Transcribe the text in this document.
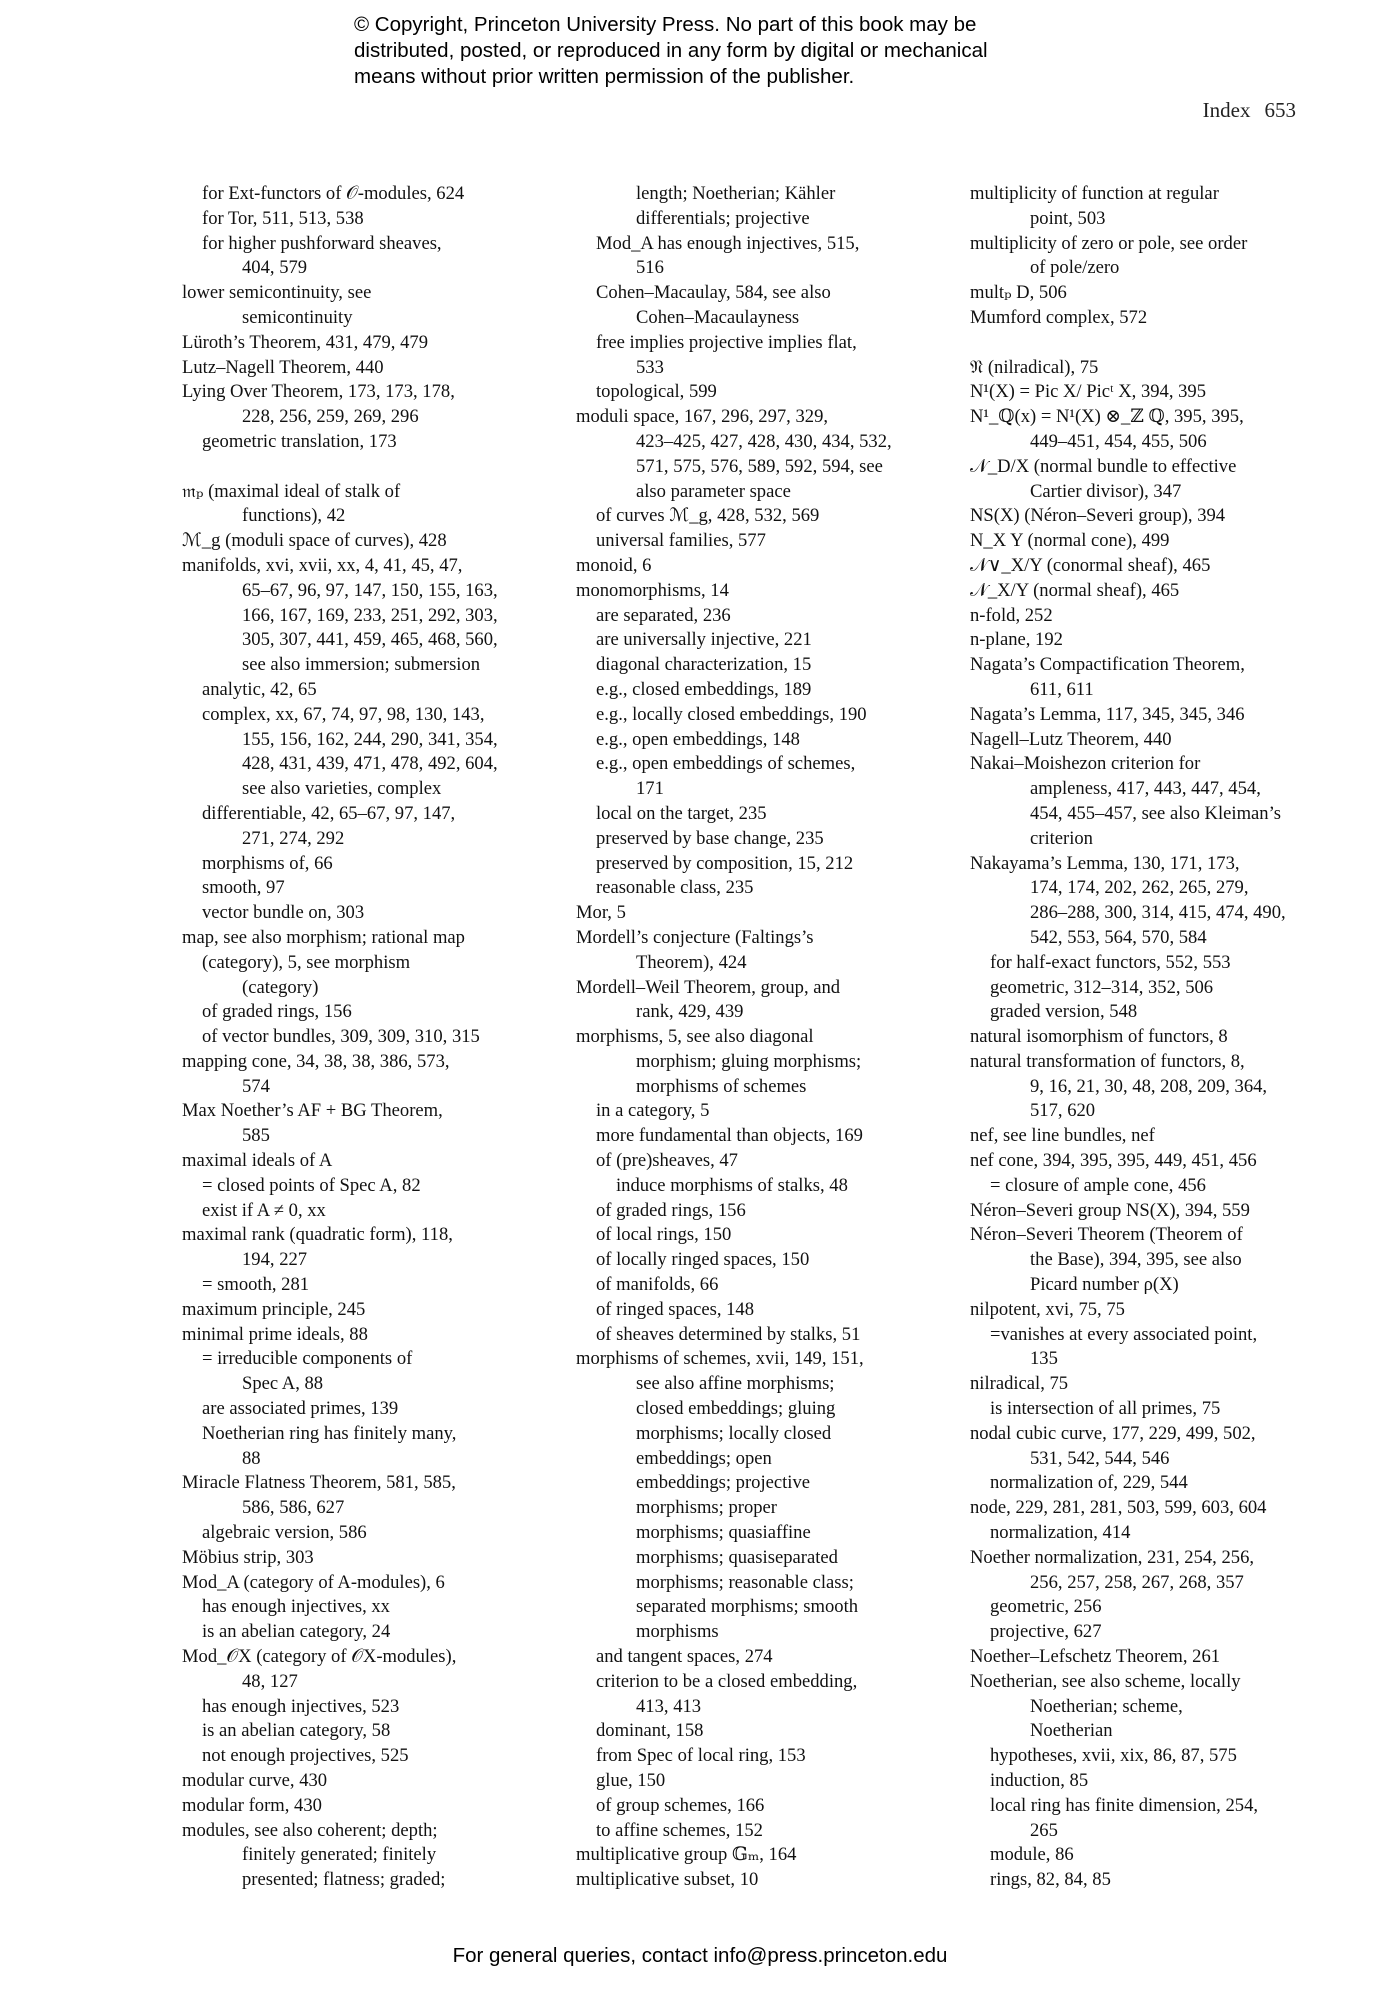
© Copyright, Princeton University Press. No part of this book may be
distributed, posted, or reproduced in any form by digital or mechanical
means without prior written permission of the publisher.
Index 653
for Ext-functors of 𝒪-modules, 624
for Tor, 511, 513, 538
for higher pushforward sheaves,
404, 579
lower semicontinuity, see
semicontinuity
Lüroth’s Theorem, 431, 479, 479
Lutz–Nagell Theorem, 440
Lying Over Theorem, 173, 173, 178,
228, 256, 259, 269, 296
geometric translation, 173
𝔪ₚ (maximal ideal of stalk of
functions), 42
ℳ_g (moduli space of curves), 428
manifolds, xvi, xvii, xx, 4, 41, 45, 47,
65–67, 96, 97, 147, 150, 155, 163,
166, 167, 169, 233, 251, 292, 303,
305, 307, 441, 459, 465, 468, 560,
see also immersion; submersion
analytic, 42, 65
complex, xx, 67, 74, 97, 98, 130, 143,
155, 156, 162, 244, 290, 341, 354,
428, 431, 439, 471, 478, 492, 604,
see also varieties, complex
differentiable, 42, 65–67, 97, 147,
271, 274, 292
morphisms of, 66
smooth, 97
vector bundle on, 303
map, see also morphism; rational map
(category), 5, see morphism
(category)
of graded rings, 156
of vector bundles, 309, 309, 310, 315
mapping cone, 34, 38, 38, 386, 573,
574
Max Noether’s AF + BG Theorem,
585
maximal ideals of A
= closed points of Spec A, 82
exist if A ≠ 0, xx
maximal rank (quadratic form), 118,
194, 227
= smooth, 281
maximum principle, 245
minimal prime ideals, 88
= irreducible components of
Spec A, 88
are associated primes, 139
Noetherian ring has finitely many,
88
Miracle Flatness Theorem, 581, 585,
586, 586, 627
algebraic version, 586
Möbius strip, 303
Mod_A (category of A-modules), 6
has enough injectives, xx
is an abelian category, 24
Mod_𝒪X (category of 𝒪X-modules),
48, 127
has enough injectives, 523
is an abelian category, 58
not enough projectives, 525
modular curve, 430
modular form, 430
modules, see also coherent; depth;
finitely generated; finitely
presented; flatness; graded;
length; Noetherian; Kähler
differentials; projective
Mod_A has enough injectives, 515,
516
Cohen–Macaulay, 584, see also
Cohen–Macaulayness
free implies projective implies flat,
533
topological, 599
moduli space, 167, 296, 297, 329,
423–425, 427, 428, 430, 434, 532,
571, 575, 576, 589, 592, 594, see
also parameter space
of curves ℳ_g, 428, 532, 569
universal families, 577
monoid, 6
monomorphisms, 14
are separated, 236
are universally injective, 221
diagonal characterization, 15
e.g., closed embeddings, 189
e.g., locally closed embeddings, 190
e.g., open embeddings, 148
e.g., open embeddings of schemes,
171
local on the target, 235
preserved by base change, 235
preserved by composition, 15, 212
reasonable class, 235
Mor, 5
Mordell’s conjecture (Faltings’s
Theorem), 424
Mordell–Weil Theorem, group, and
rank, 429, 439
morphisms, 5, see also diagonal
morphism; gluing morphisms;
morphisms of schemes
in a category, 5
more fundamental than objects, 169
of (pre)sheaves, 47
induce morphisms of stalks, 48
of graded rings, 156
of local rings, 150
of locally ringed spaces, 150
of manifolds, 66
of ringed spaces, 148
of sheaves determined by stalks, 51
morphisms of schemes, xvii, 149, 151,
see also affine morphisms;
closed embeddings; gluing
morphisms; locally closed
embeddings; open
embeddings; projective
morphisms; proper
morphisms; quasiaffine
morphisms; quasiseparated
morphisms; reasonable class;
separated morphisms; smooth
morphisms
and tangent spaces, 274
criterion to be a closed embedding,
413, 413
dominant, 158
from Spec of local ring, 153
glue, 150
of group schemes, 166
to affine schemes, 152
multiplicative group 𝔾ₘ, 164
multiplicative subset, 10
multiplicity of function at regular
point, 503
multiplicity of zero or pole, see order
of pole/zero
multₚ D, 506
Mumford complex, 572
𝔑 (nilradical), 75
N¹(X) = Pic X/ Picᵗ X, 394, 395
N¹_ℚ(x) = N¹(X) ⊗_ℤ ℚ, 395, 395,
449–451, 454, 455, 506
𝒩_D/X (normal bundle to effective
Cartier divisor), 347
NS(X) (Néron–Severi group), 394
N_X Y (normal cone), 499
𝒩∨_X/Y (conormal sheaf), 465
𝒩_X/Y (normal sheaf), 465
n-fold, 252
n-plane, 192
Nagata’s Compactification Theorem,
611, 611
Nagata’s Lemma, 117, 345, 345, 346
Nagell–Lutz Theorem, 440
Nakai–Moishezon criterion for
ampleness, 417, 443, 447, 454,
454, 455–457, see also Kleiman’s
criterion
Nakayama’s Lemma, 130, 171, 173,
174, 174, 202, 262, 265, 279,
286–288, 300, 314, 415, 474, 490,
542, 553, 564, 570, 584
for half-exact functors, 552, 553
geometric, 312–314, 352, 506
graded version, 548
natural isomorphism of functors, 8
natural transformation of functors, 8,
9, 16, 21, 30, 48, 208, 209, 364,
517, 620
nef, see line bundles, nef
nef cone, 394, 395, 395, 449, 451, 456
= closure of ample cone, 456
Néron–Severi group NS(X), 394, 559
Néron–Severi Theorem (Theorem of
the Base), 394, 395, see also
Picard number ρ(X)
nilpotent, xvi, 75, 75
=vanishes at every associated point,
135
nilradical, 75
is intersection of all primes, 75
nodal cubic curve, 177, 229, 499, 502,
531, 542, 544, 546
normalization of, 229, 544
node, 229, 281, 281, 503, 599, 603, 604
normalization, 414
Noether normalization, 231, 254, 256,
256, 257, 258, 267, 268, 357
geometric, 256
projective, 627
Noether–Lefschetz Theorem, 261
Noetherian, see also scheme, locally
Noetherian; scheme,
Noetherian
hypotheses, xvii, xix, 86, 87, 575
induction, 85
local ring has finite dimension, 254,
265
module, 86
rings, 82, 84, 85
For general queries, contact info@press.princeton.edu
